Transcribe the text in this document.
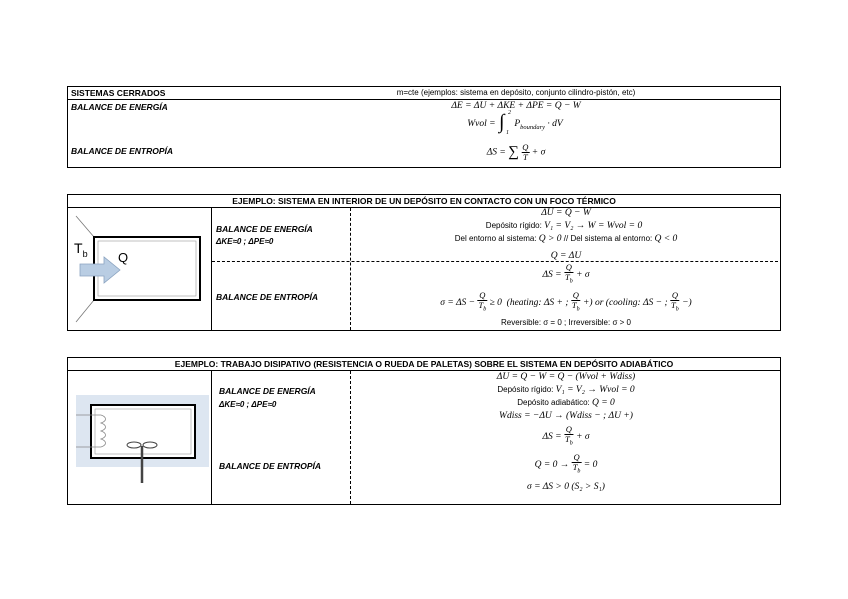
SISTEMAS CERRADOS	m=cte (ejemplos: sistema en depósito, conjunto cilindro-pistón, etc)
BALANCE DE ENERGÍA
BALANCE DE ENTROPÍA
ΔE = ΔU + ΔKE + ΔPE = Q − W
Wvol = ∫ 2
1
$P_{boundary}$ · dV
ΔS = ∑ $\frac{Q}{T} + \sigma$
EJEMPLO: SISTEMA EN INTERIOR DE UN DEPÓSITO EN CONTACTO CON UN FOCO TÉRMICO
$T_b$ Q
BALANCE DE ENERGÍA
ΔKE≈0 ; ΔPE≈0
BALANCE DE ENTROPÍA
ΔU = Q − W
Depósito rígido: V₁ = V₂ → W = Wvol = 0
Del entorno al sistema: Q > 0 // Del sistema al entorno: Q < 0
Q = ΔU
$\Delta S = \frac{Q}{T_b} + \sigma$
$\sigma = \Delta S - \frac{Q}{T_b} \ge 0$ (heating: ΔS + ; $\frac{Q}{T_b}$ +) or (cooling: ΔS − ; $\frac{Q}{T_b}$ −)
Reversible: σ = 0 ; Irreversible: σ > 0
EJEMPLO: TRABAJO DISIPATIVO (RESISTENCIA O RUEDA DE PALETAS) SOBRE EL SISTEMA EN DEPÓSITO ADIABÁTICO
BALANCE DE ENERGÍA
ΔKE≈0 ; ΔPE≈0
BALANCE DE ENTROPÍA
ΔU = Q − W = Q − (Wvol + Wdiss)
Depósito rígido: V₁ = V₂ → Wvol = 0
Depósito adiabático: Q = 0
Wdiss = −ΔU → (Wdiss − ; ΔU +)
$\Delta S = \frac{Q}{T_b} + \sigma$
$Q = 0 \to \frac{Q}{T_b} = 0$
σ = ΔS > 0 (S₂ > S₁)
